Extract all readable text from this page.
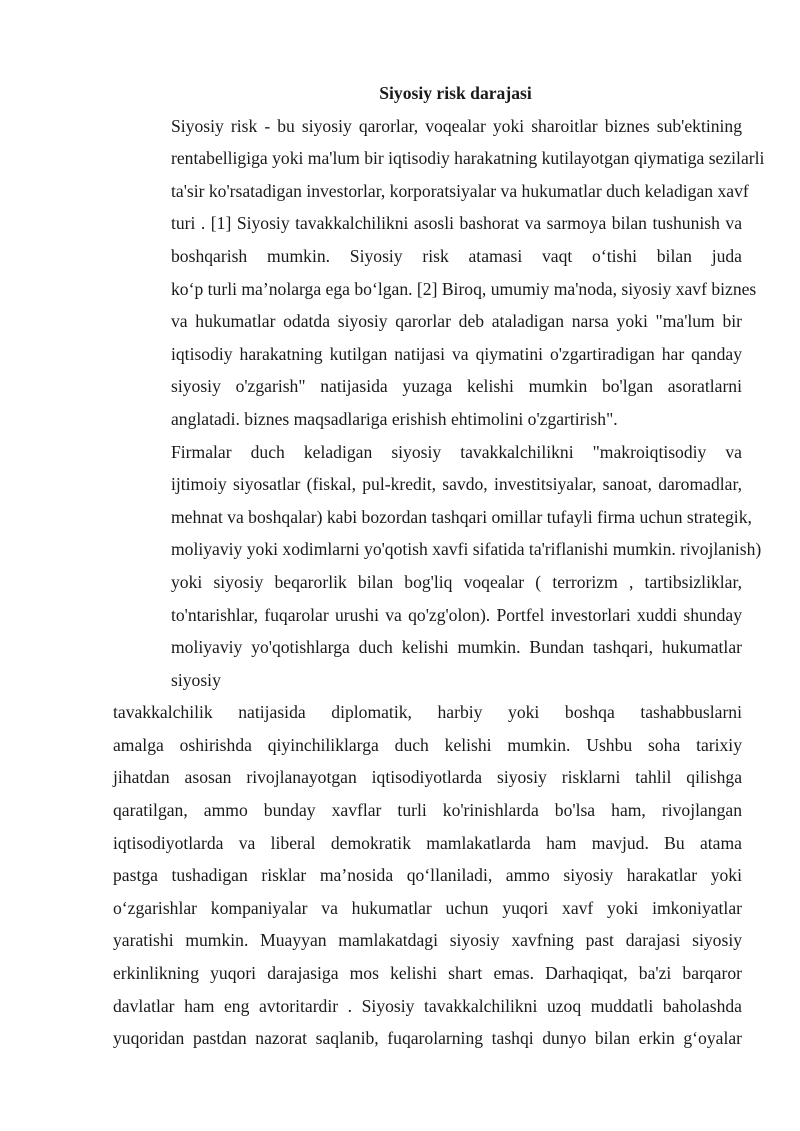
Siyosiy risk darajasi
Siyosiy risk - bu siyosiy qarorlar, voqealar yoki sharoitlar biznes sub'ektining
rentabelligiga yoki ma'lum bir iqtisodiy harakatning kutilayotgan qiymatiga sezilarli
ta'sir ko'rsatadigan investorlar, korporatsiyalar va hukumatlar duch keladigan xavf
turi . [1] Siyosiy tavakkalchilikni asosli bashorat va sarmoya bilan tushunish va
boshqarish mumkin. Siyosiy risk atamasi vaqt o‘tishi bilan juda
ko‘p turli ma’nolarga ega bo‘lgan. [2] Biroq, umumiy ma'noda, siyosiy xavf biznes
va hukumatlar odatda siyosiy qarorlar deb ataladigan narsa yoki "ma'lum bir
iqtisodiy harakatning kutilgan natijasi va qiymatini o'zgartiradigan har qanday
siyosiy o'zgarish" natijasida yuzaga kelishi mumkin bo'lgan asoratlarni
anglatadi. biznes maqsadlariga erishish ehtimolini o'zgartirish".
Firmalar duch keladigan siyosiy tavakkalchilikni "makroiqtisodiy va
ijtimoiy siyosatlar (fiskal, pul-kredit, savdo, investitsiyalar, sanoat, daromadlar,
mehnat va boshqalar) kabi bozordan tashqari omillar tufayli firma uchun strategik,
moliyaviy yoki xodimlarni yo'qotish xavfi sifatida ta'riflanishi mumkin. rivojlanish)
yoki siyosiy beqarorlik bilan bog'liq voqealar ( terrorizm , tartibsizliklar,
to'ntarishlar, fuqarolar urushi va qo'zg'olon). Portfel investorlari xuddi shunday
moliyaviy yo'qotishlarga duch kelishi mumkin. Bundan tashqari, hukumatlar
siyosiy
tavakkalchilik natijasida diplomatik, harbiy yoki boshqa tashabbuslarni
amalga oshirishda qiyinchiliklarga duch kelishi mumkin. Ushbu soha tarixiy
jihatdan asosan rivojlanayotgan iqtisodiyotlarda siyosiy risklarni tahlil qilishga
qaratilgan, ammo bunday xavflar turli ko'rinishlarda bo'lsa ham, rivojlangan
iqtisodiyotlarda va liberal demokratik mamlakatlarda ham mavjud. Bu atama
pastga tushadigan risklar ma’nosida qo‘llaniladi, ammo siyosiy harakatlar yoki
o‘zgarishlar kompaniyalar va hukumatlar uchun yuqori xavf yoki imkoniyatlar
yaratishi mumkin. Muayyan mamlakatdagi siyosiy xavfning past darajasi siyosiy
erkinlikning yuqori darajasiga mos kelishi shart emas. Darhaqiqat, ba'zi barqaror
davlatlar ham eng avtoritardir . Siyosiy tavakkalchilikni uzoq muddatli baholashda
yuqoridan pastdan nazorat saqlanib, fuqarolarning tashqi dunyo bilan erkin g‘oyalar
